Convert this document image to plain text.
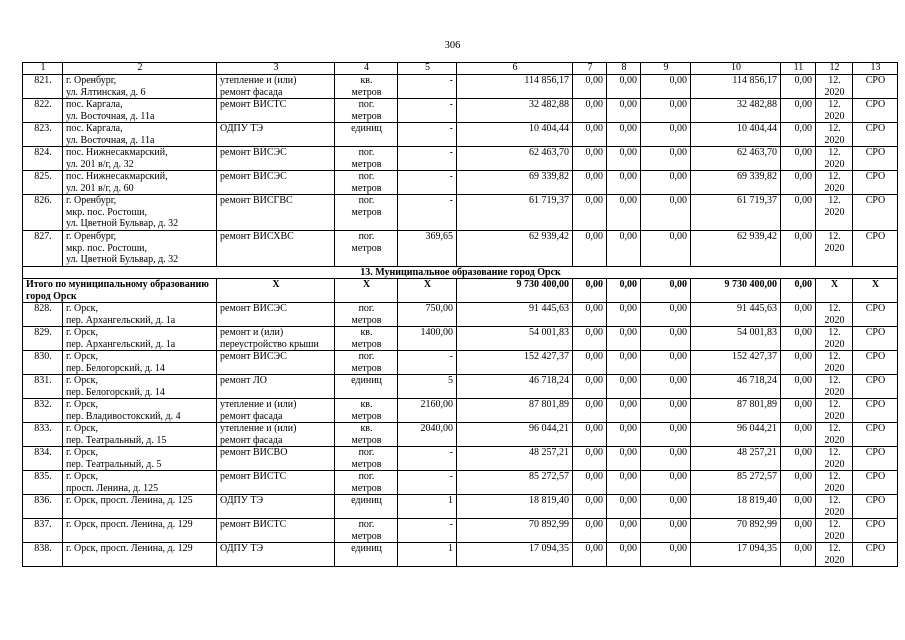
306
1	2	3	4	5	6	7	8	9	10	11	12	13
821.	г. Оренбург,
ул. Ялтинская, д. 6	утепление и (или)
ремонт фасада	кв.
метров	-	114 856,17	0,00	0,00	0,00	114 856,17	0,00	12.
2020	СРО
822.	пос. Каргала,
ул. Восточная, д. 11а	ремонт ВИСТС	пог.
метров	-	32 482,88	0,00	0,00	0,00	32 482,88	0,00	12.
2020	СРО
823.	пос. Каргала,
ул. Восточная, д. 11а	ОДПУ ТЭ	единиц	-	10 404,44	0,00	0,00	0,00	10 404,44	0,00	12.
2020	СРО
824.	пос. Нижнесакмарский,
ул. 201 в/г, д. 32	ремонт ВИСЭС	пог.
метров	-	62 463,70	0,00	0,00	0,00	62 463,70	0,00	12.
2020	СРО
825.	пос. Нижнесакмарский,
ул. 201 в/г, д. 60	ремонт ВИСЭС	пог.
метров	-	69 339,82	0,00	0,00	0,00	69 339,82	0,00	12.
2020	СРО
826.	г. Оренбург,
мкр. пос. Ростоши,
ул. Цветной Бульвар, д. 32	ремонт ВИСГВС	пог.
метров	-	61 719,37	0,00	0,00	0,00	61 719,37	0,00	12.
2020	СРО
827.	г. Оренбург,
мкр. пос. Ростоши,
ул. Цветной Бульвар, д. 32	ремонт ВИСХВС	пог.
метров	369,65	62 939,42	0,00	0,00	0,00	62 939,42	0,00	12.
2020	СРО
13. Муниципальное образование город Орск												
Итого по муниципальному образованию город Орск		X	X	X	9 730 400,00	0,00	0,00	0,00	9 730 400,00	0,00	X	X
828.	г. Орск,
пер. Архангельский, д. 1а	ремонт ВИСЭС	пог.
метров	750,00	91 445,63	0,00	0,00	0,00	91 445,63	0,00	12.
2020	СРО
829.	г. Орск,
пер. Архангельский, д. 1а	ремонт и (или)
переустройство крыши	кв.
метров	1400,00	54 001,83	0,00	0,00	0,00	54 001,83	0,00	12.
2020	СРО
830.	г. Орск,
пер. Белогорский, д. 14	ремонт ВИСЭС	пог.
метров	-	152 427,37	0,00	0,00	0,00	152 427,37	0,00	12.
2020	СРО
831.	г. Орск,
пер. Белогорский, д. 14	ремонт ЛО	единиц	5	46 718,24	0,00	0,00	0,00	46 718,24	0,00	12.
2020	СРО
832.	г. Орск,
пер. Владивостокский, д. 4	утепление и (или)
ремонт фасада	кв.
метров	2160,00	87 801,89	0,00	0,00	0,00	87 801,89	0,00	12.
2020	СРО
833.	г. Орск,
пер. Театральный, д. 15	утепление и (или)
ремонт фасада	кв.
метров	2040,00	96 044,21	0,00	0,00	0,00	96 044,21	0,00	12.
2020	СРО
834.	г. Орск,
пер. Театральный, д. 5	ремонт ВИСВО	пог.
метров	-	48 257,21	0,00	0,00	0,00	48 257,21	0,00	12.
2020	СРО
835.	г. Орск,
просп. Ленина, д. 125	ремонт ВИСТС	пог.
метров	-	85 272,57	0,00	0,00	0,00	85 272,57	0,00	12.
2020	СРО
836.	г. Орск, просп. Ленина, д. 125	ОДПУ ТЭ	единиц	1	18 819,40	0,00	0,00	0,00	18 819,40	0,00	12.
2020	СРО
837.	г. Орск, просп. Ленина, д. 129	ремонт ВИСТС	пог.
метров	-	70 892,99	0,00	0,00	0,00	70 892,99	0,00	12.
2020	СРО
838.	г. Орск, просп. Ленина, д. 129	ОДПУ ТЭ	единиц	1	17 094,35	0,00	0,00	0,00	17 094,35	0,00	12.
2020	СРО
